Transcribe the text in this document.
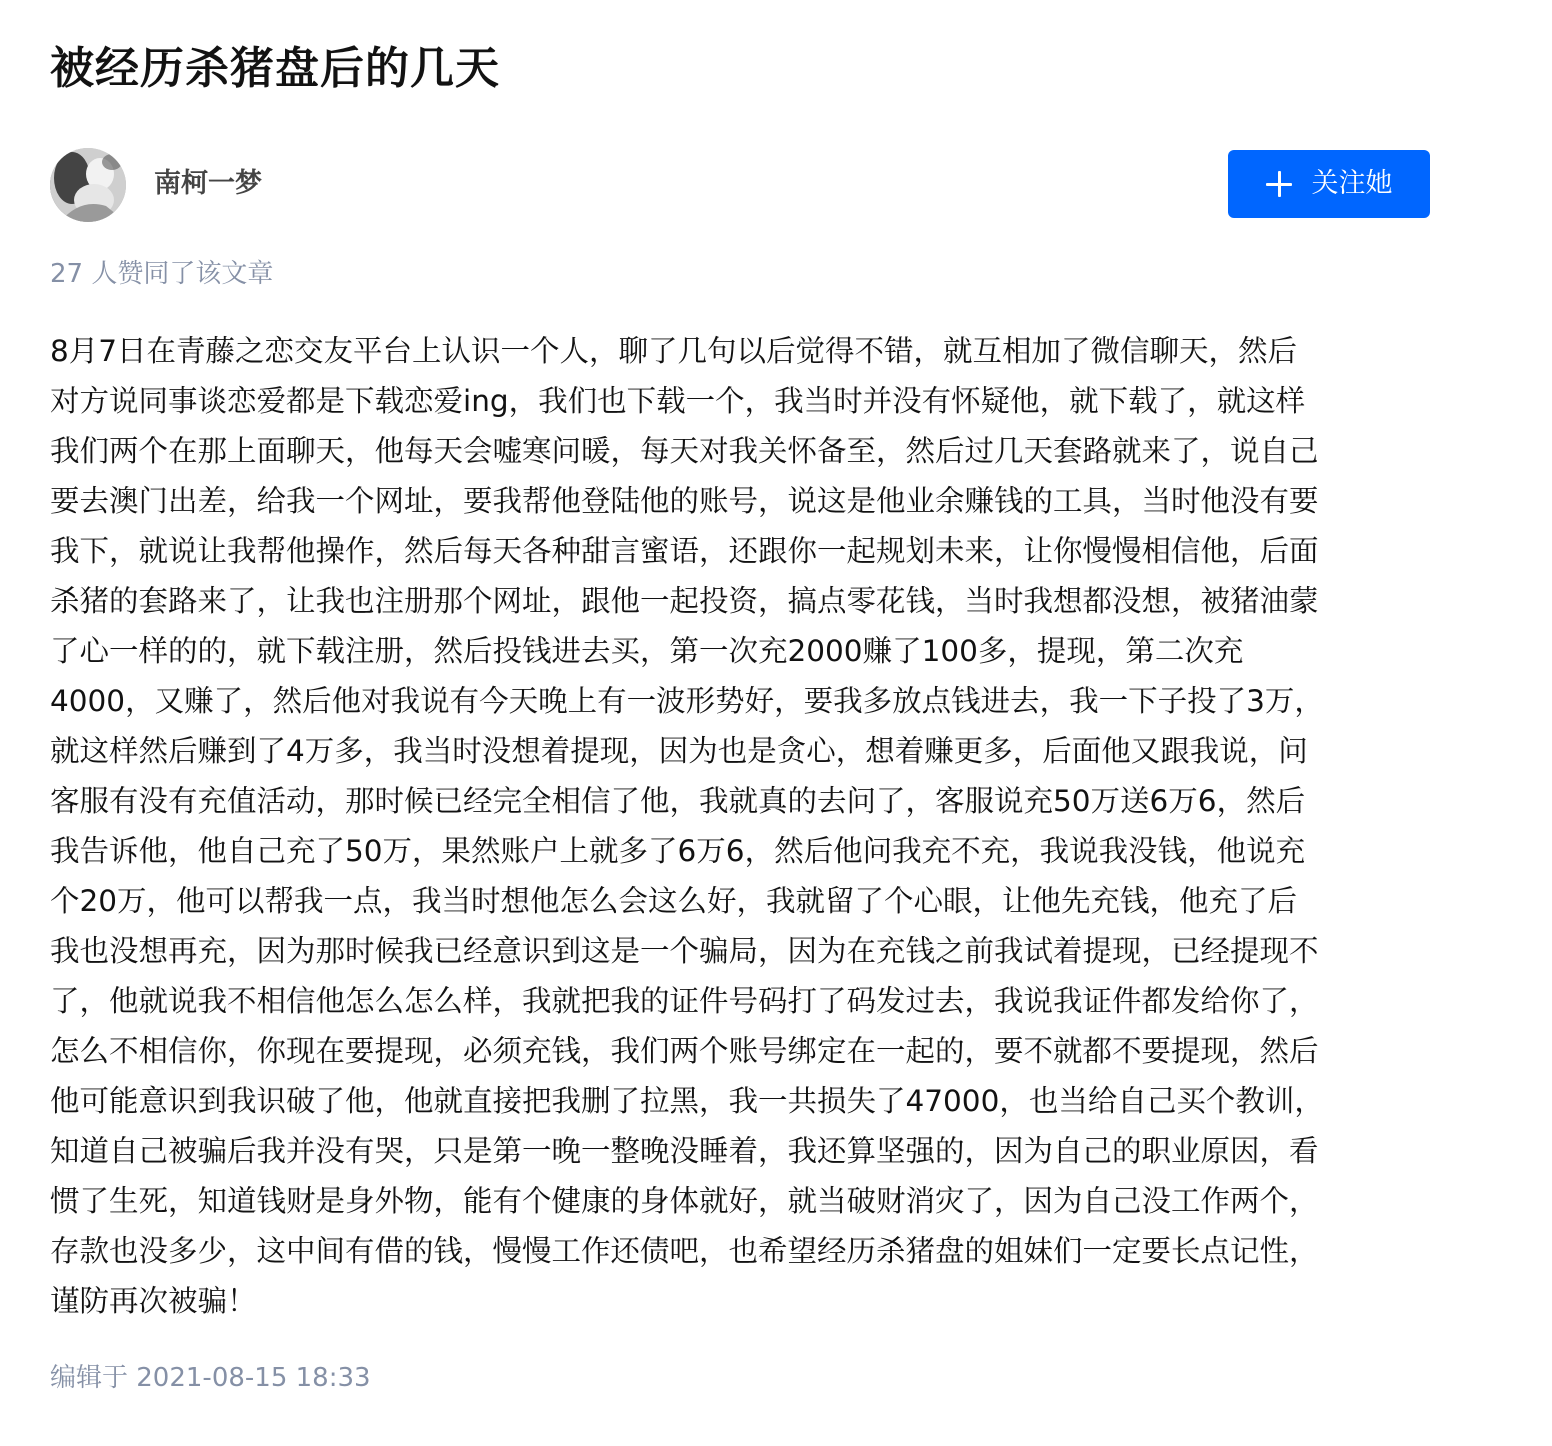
被经历杀猪盘后的几天
南柯一梦	关注她
27 人赞同了该文章
8月7日在青藤之恋交友平台上认识一个人，聊了几句以后觉得不错，就互相加了微信聊天，然后
对方说同事谈恋爱都是下载恋爱ing，我们也下载一个，我当时并没有怀疑他，就下载了，就这样
我们两个在那上面聊天，他每天会嘘寒问暖，每天对我关怀备至，然后过几天套路就来了，说自己
要去澳门出差，给我一个网址，要我帮他登陆他的账号，说这是他业余赚钱的工具，当时他没有要
我下，就说让我帮他操作，然后每天各种甜言蜜语，还跟你一起规划未来，让你慢慢相信他，后面
杀猪的套路来了，让我也注册那个网址，跟他一起投资，搞点零花钱，当时我想都没想，被猪油蒙
了心一样的的，就下载注册，然后投钱进去买，第一次充2000赚了100多，提现，第二次充
4000，又赚了，然后他对我说有今天晚上有一波形势好，要我多放点钱进去，我一下子投了3万，
就这样然后赚到了4万多，我当时没想着提现，因为也是贪心，想着赚更多，后面他又跟我说，问
客服有没有充值活动，那时候已经完全相信了他，我就真的去问了，客服说充50万送6万6，然后
我告诉他，他自己充了50万，果然账户上就多了6万6，然后他问我充不充，我说我没钱，他说充
个20万，他可以帮我一点，我当时想他怎么会这么好，我就留了个心眼，让他先充钱，他充了后
我也没想再充，因为那时候我已经意识到这是一个骗局，因为在充钱之前我试着提现，已经提现不
了，他就说我不相信他怎么怎么样，我就把我的证件号码打了码发过去，我说我证件都发给你了，
怎么不相信你，你现在要提现，必须充钱，我们两个账号绑定在一起的，要不就都不要提现，然后
他可能意识到我识破了他，他就直接把我删了拉黑，我一共损失了47000，也当给自己买个教训，
知道自己被骗后我并没有哭，只是第一晚一整晚没睡着，我还算坚强的，因为自己的职业原因，看
惯了生死，知道钱财是身外物，能有个健康的身体就好，就当破财消灾了，因为自己没工作两个，
存款也没多少，这中间有借的钱，慢慢工作还债吧，也希望经历杀猪盘的姐妹们一定要长点记性，
谨防再次被骗！
编辑于 2021-08-15 18:33
